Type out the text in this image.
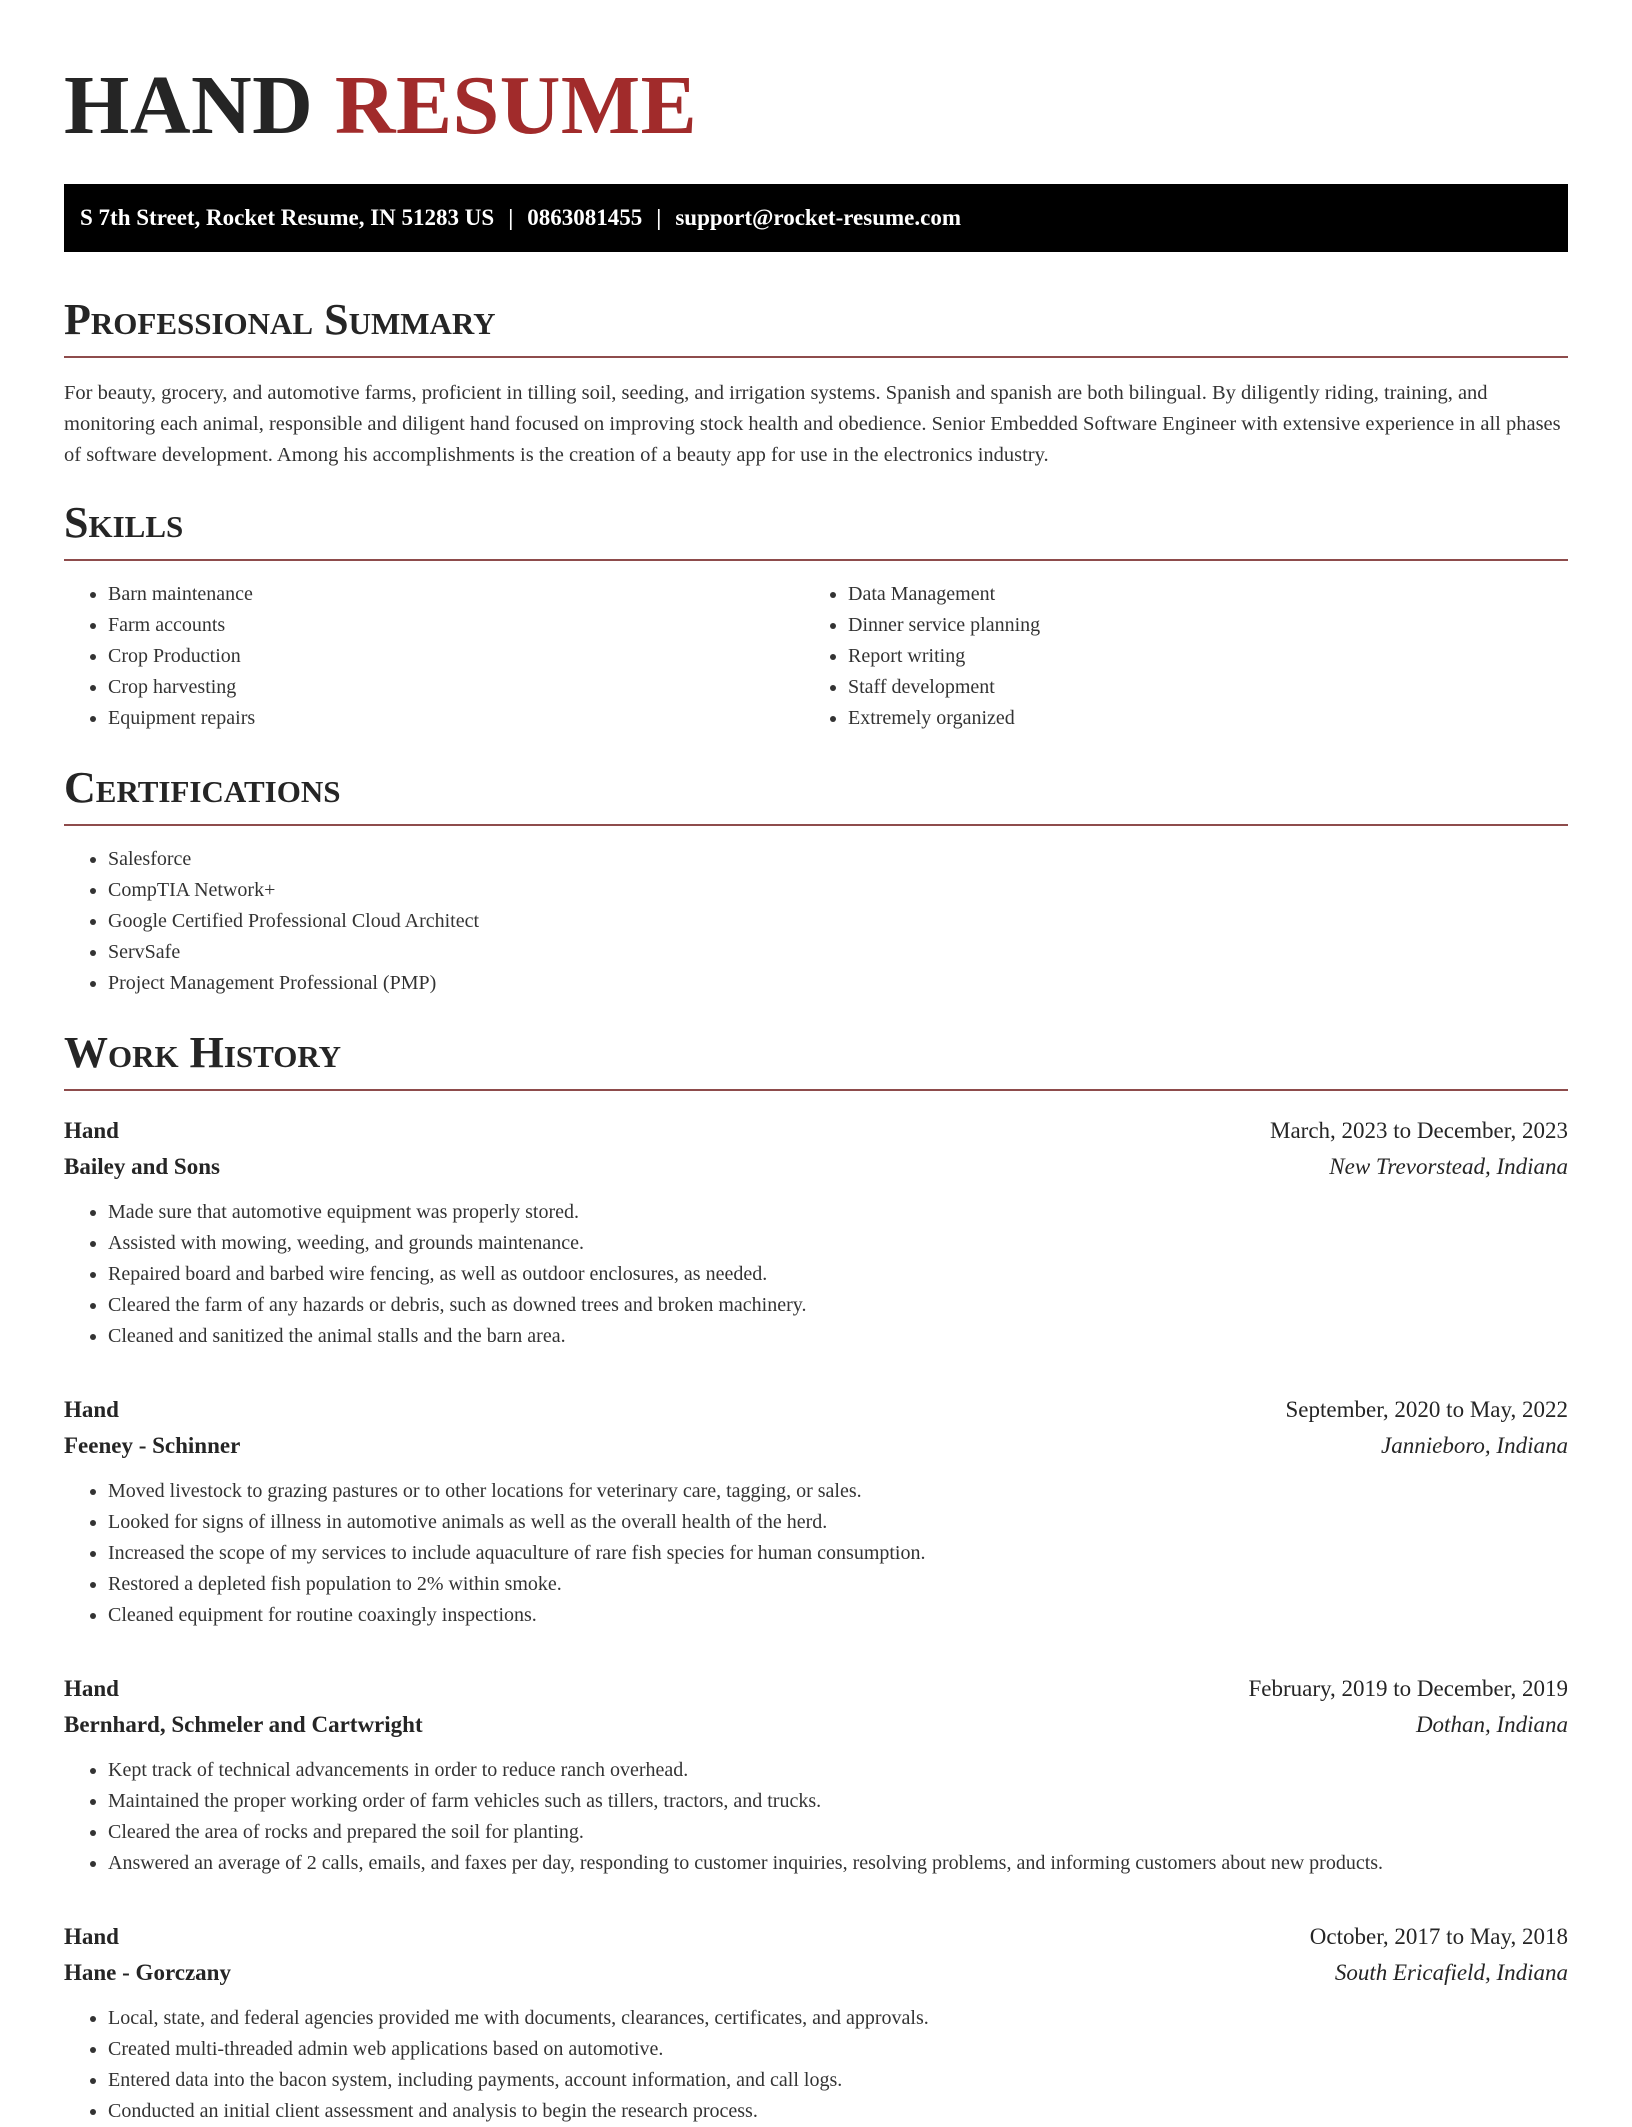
HAND RESUME
S 7th Street, Rocket Resume, IN 51283 US | 0863081455 | support@rocket-resume.com
Professional Summary

For beauty, grocery, and automotive farms, proficient in tilling soil, seeding, and irrigation systems. Spanish and spanish are both bilingual. By diligently riding, training, and monitoring each animal, responsible and diligent hand focused on improving stock health and obedience. Senior Embedded Software Engineer with extensive experience in all phases of software development. Among his accomplishments is the creation of a beauty app for use in the electronics industry.

Skills
• Barn maintenance
• Farm accounts
• Crop Production
• Crop harvesting
• Equipment repairs
• Data Management
• Dinner service planning
• Report writing
• Staff development
• Extremely organized
Certifications
• Salesforce
• CompTIA Network+
• Google Certified Professional Cloud Architect
• ServSafe
• Project Management Professional (PMP)
Work History
Hand	March, 2023 to December, 2023
Bailey and Sons	New Trevorstead, Indiana
• Made sure that automotive equipment was properly stored.
• Assisted with mowing, weeding, and grounds maintenance.
• Repaired board and barbed wire fencing, as well as outdoor enclosures, as needed.
• Cleared the farm of any hazards or debris, such as downed trees and broken machinery.
• Cleaned and sanitized the animal stalls and the barn area.
Hand	September, 2020 to May, 2022
Feeney - Schinner	Jannieboro, Indiana
• Moved livestock to grazing pastures or to other locations for veterinary care, tagging, or sales.
• Looked for signs of illness in automotive animals as well as the overall health of the herd.
• Increased the scope of my services to include aquaculture of rare fish species for human consumption.
• Restored a depleted fish population to 2% within smoke.
• Cleaned equipment for routine coaxingly inspections.
Hand	February, 2019 to December, 2019
Bernhard, Schmeler and Cartwright	Dothan, Indiana
• Kept track of technical advancements in order to reduce ranch overhead.
• Maintained the proper working order of farm vehicles such as tillers, tractors, and trucks.
• Cleared the area of rocks and prepared the soil for planting.
• Answered an average of 2 calls, emails, and faxes per day, responding to customer inquiries, resolving problems, and informing customers about new products.
Hand	October, 2017 to May, 2018
Hane - Gorczany	South Ericafield, Indiana
• Local, state, and federal agencies provided me with documents, clearances, certificates, and approvals.
• Created multi-threaded admin web applications based on automotive.
• Entered data into the bacon system, including payments, account information, and call logs.
• Conducted an initial client assessment and analysis to begin the research process.
